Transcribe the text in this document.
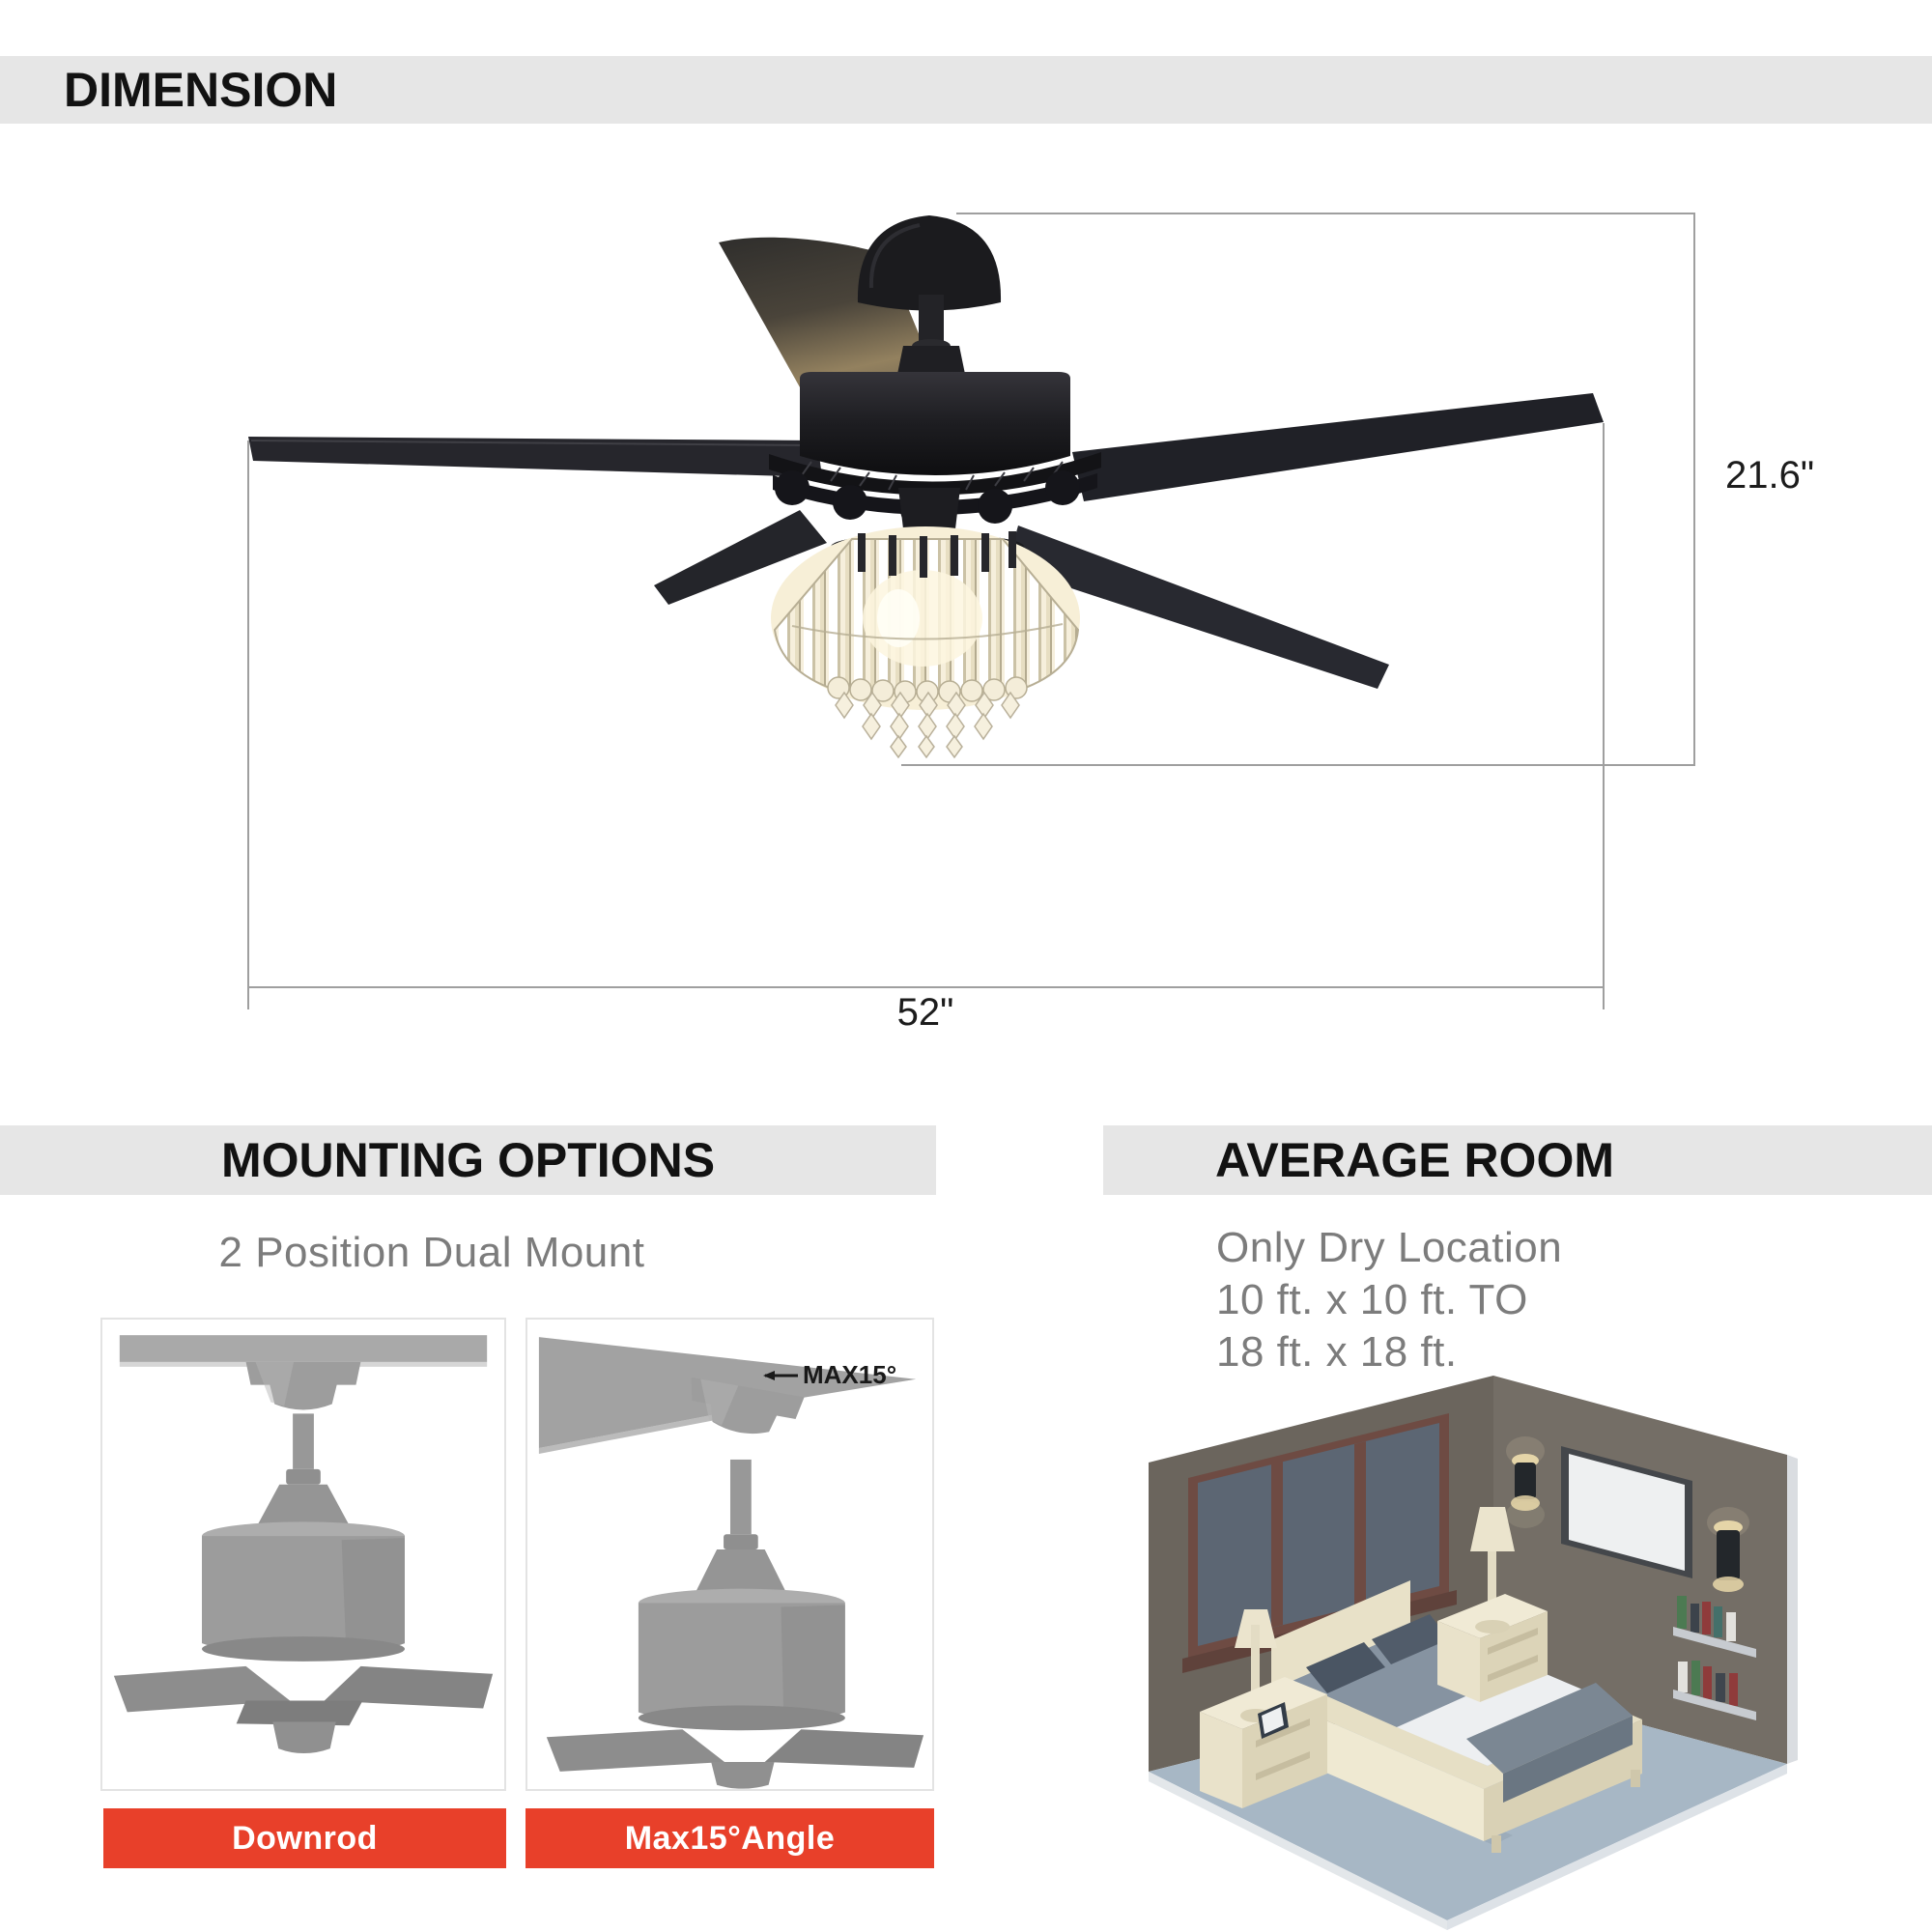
DIMENSION
21.6"
52"
MOUNTING OPTIONS
2 Position Dual Mount
MAX15°
Downrod	Max15°Angle
AVERAGE ROOM
Only Dry Location
10 ft. x 10 ft. TO
18 ft. x 18 ft.
